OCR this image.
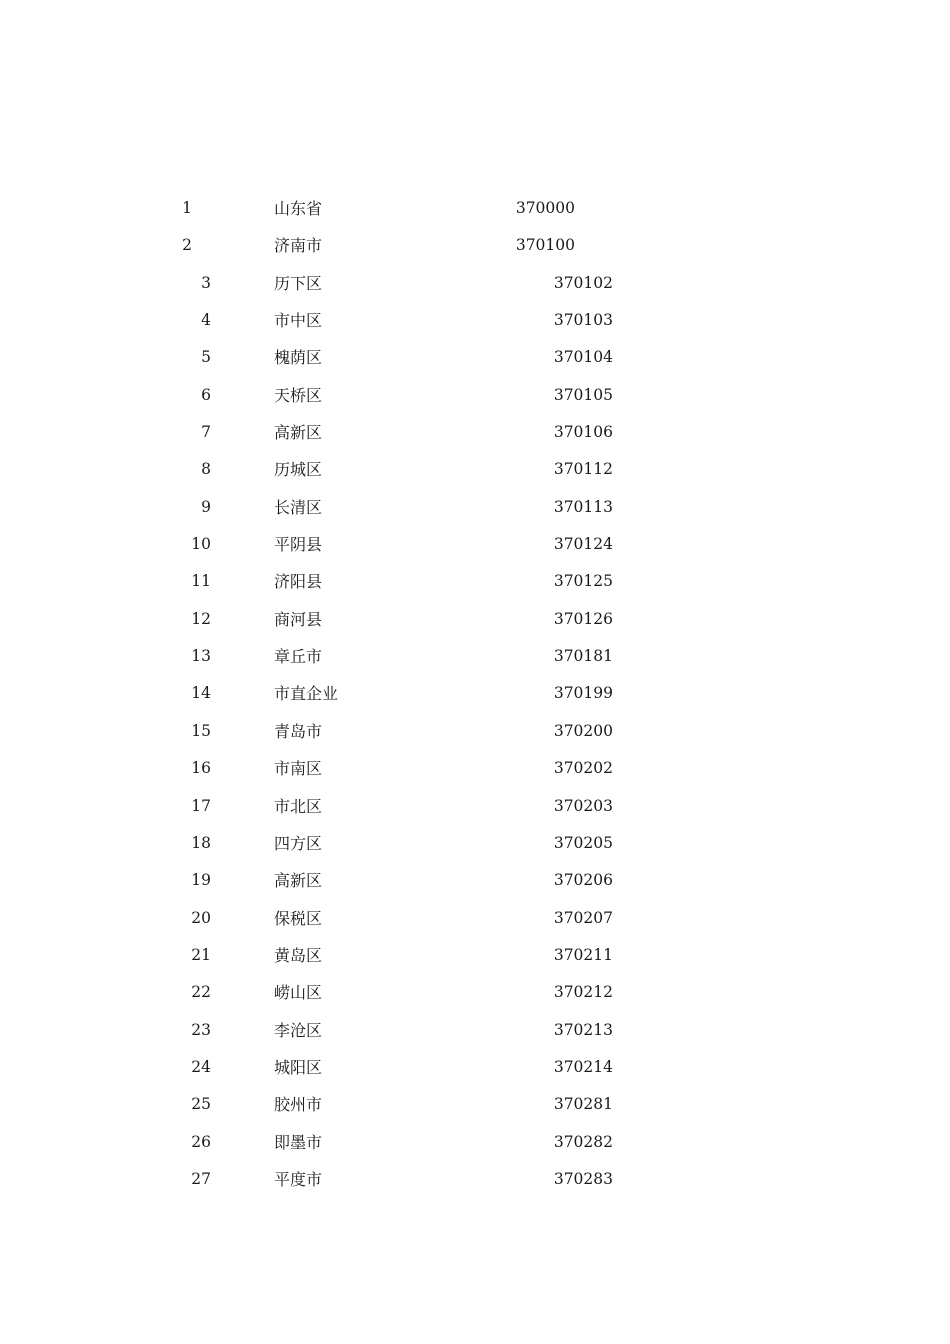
1	山东省	370000
2	济南市	370100
3	历下区	370102
4	市中区	370103
5	槐荫区	370104
6	天桥区	370105
7	高新区	370106
8	历城区	370112
9	长清区	370113
10	平阴县	370124
11	济阳县	370125
12	商河县	370126
13	章丘市	370181
14	市直企业	370199
15	青岛市	370200
16	市南区	370202
17	市北区	370203
18	四方区	370205
19	高新区	370206
20	保税区	370207
21	黄岛区	370211
22	崂山区	370212
23	李沧区	370213
24	城阳区	370214
25	胶州市	370281
26	即墨市	370282
27	平度市	370283
